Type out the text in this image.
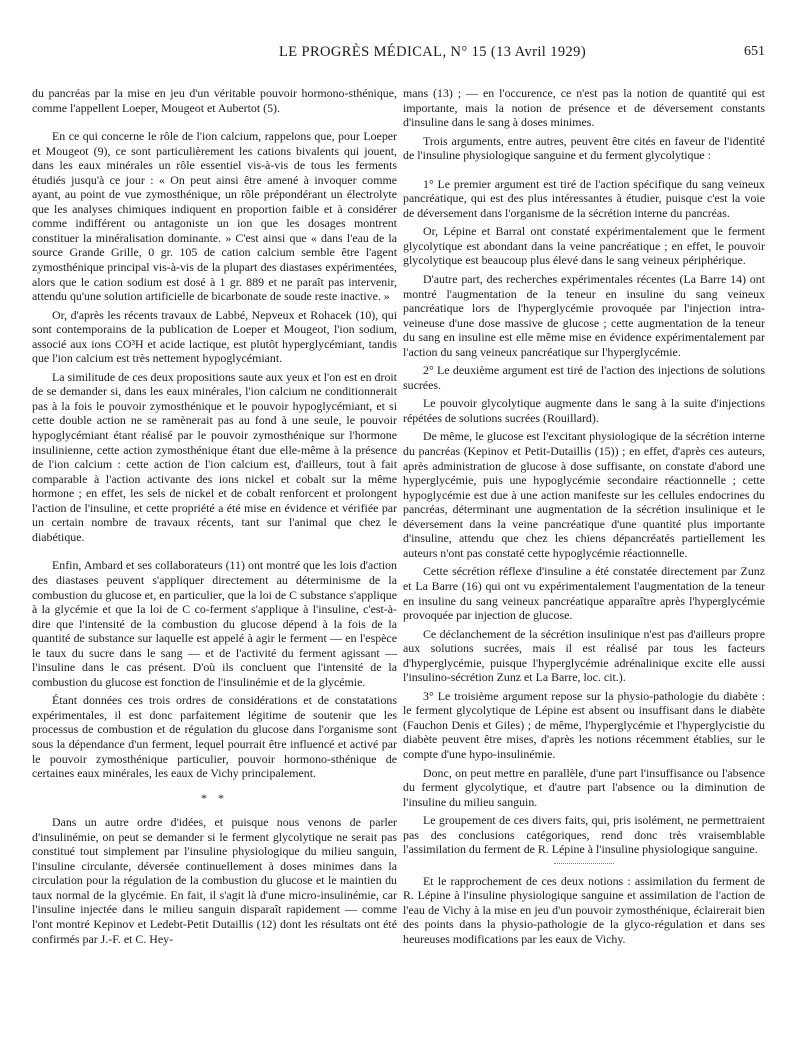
LE PROGRÈS MÉDICAL, N° 15 (13 Avril 1929)	651

du pancréas par la mise en jeu d'un véritable pouvoir hormono-sthénique, comme l'appellent Loeper, Mougeot et Aubertot (5).

En ce qui concerne le rôle de l'ion calcium, rappelons que, pour Loeper et Mougeot (9), ce sont particulièrement les cations bivalents qui jouent, dans les eaux minérales un rôle essentiel vis-à-vis de tous les ferments étudiés jusqu'à ce jour : « On peut ainsi être amené à invoquer comme ayant, au point de vue zymosthénique, un rôle prépondérant un électrolyte que les analyses chimiques indiquent en proportion faible et à considérer comme indifférent ou antagoniste un ion que les dosages montrent constituer la minéralisation dominante. » C'est ainsi que « dans l'eau de la source Grande Grille, 0 gr. 105 de cation calcium semble être l'agent zymosthénique principal vis-à-vis de la plupart des diastases expérimentées, alors que le cation sodium est dosé à 1 gr. 889 et ne paraît pas intervenir, attendu qu'une solution artificielle de bicarbonate de soude reste inactive. »

Or, d'après les récents travaux de Labbé, Nepveux et Rohacek (10), qui sont contemporains de la publication de Loeper et Mougeot, l'ion sodium, associé aux ions CO³H et acide lactique, est plutôt hyperglycémiant, tandis que l'ion calcium est très nettement hypoglycémiant.

La similitude de ces deux propositions saute aux yeux et l'on est en droit de se demander si, dans les eaux minérales, l'ion calcium ne conditionnerait pas à la fois le pouvoir zymosthénique et le pouvoir hypoglycémiant, et si cette double action ne se ramènerait pas au fond à une seule, le pouvoir hypoglycémiant étant réalisé par le pouvoir zymosthénique sur l'hormone insulinienne, cette action zymosthénique étant due elle-même à la présence de l'ion calcium : cette action de l'ion calcium est, d'ailleurs, tout à fait comparable à l'action activante des ions nickel et cobalt sur la même hormone ; en effet, les sels de nickel et de cobalt renforcent et prolongent l'action de l'insuline, et cette propriété a été mise en évidence et vérifiée par un certain nombre de travaux récents, tant sur l'animal que chez le diabétique.

Enfin, Ambard et ses collaborateurs (11) ont montré que les lois d'action des diastases peuvent s'appliquer directement au déterminisme de la combustion du glucose et, en particulier, que la loi de C substance s'applique à la glycémie et que la loi de C co-ferment s'applique à l'insuline, c'est-à-dire que l'intensité de la combustion du glucose dépend à la fois de la quantité de substance sur laquelle est appelé à agir le ferment — en l'espèce le taux du sucre dans le sang — et de l'activité du ferment agissant — l'insuline dans le cas présent. D'où ils concluent que l'intensité de la combustion du glucose est fonction de l'insulinémie et de la glycémie.

Étant données ces trois ordres de considérations et de constatations expérimentales, il est donc parfaitement légitime de soutenir que les processus de combustion et de régulation du glucose dans l'organisme sont sous la dépendance d'un ferment, lequel pourrait être influencé et activé par le pouvoir zymosthénique particulier, pouvoir hormono-sthénique de certaines eaux minérales, les eaux de Vichy principalement.

* *

Dans un autre ordre d'idées, et puisque nous venons de parler d'insulinémie, on peut se demander si le ferment glycolytique ne serait pas constitué tout simplement par l'insuline physiologique du milieu sanguin, l'insuline circulante, déversée continuellement à doses minimes dans la circulation pour la régulation de la combustion du glucose et le maintien du taux normal de la glycémie. En fait, il s'agit là d'une micro-insulinémie, car l'insuline injectée dans le milieu sanguin disparaît rapidement — comme l'ont montré Kepinov et Ledebt-Petit Dutaillis (12) dont les résultats ont été confirmés par J.-F. et C. Hey-

mans (13) ; — en l'occurence, ce n'est pas la notion de quantité qui est importante, mais la notion de présence et de déversement constants d'insuline dans le sang à doses minimes.

Trois arguments, entre autres, peuvent être cités en faveur de l'identité de l'insuline physiologique sanguine et du ferment glycolytique :

1° Le premier argument est tiré de l'action spécifique du sang veineux pancréatique, qui est des plus intéressantes à étudier, puisque c'est la voie de déversement dans l'organisme de la sécrétion interne du pancréas.

Or, Lépine et Barral ont constaté expérimentalement que le ferment glycolytique est abondant dans la veine pancréatique ; en effet, le pouvoir glycolytique est beaucoup plus élevé dans le sang veineux périphérique.

D'autre part, des recherches expérimentales récentes (La Barre 14) ont montré l'augmentation de la teneur en insuline du sang veineux pancréatique lors de l'hyperglycémie provoquée par l'injection intra-veineuse d'une dose massive de glucose ; cette augmentation de la teneur du sang en insuline est elle même mise en évidence expérimentalement par l'action du sang veineux pancréatique sur l'hyperglycémie.

2° Le deuxième argument est tiré de l'action des injections de solutions sucrées.

Le pouvoir glycolytique augmente dans le sang à la suite d'injections répétées de solutions sucrées (Rouillard).

De même, le glucose est l'excitant physiologique de la sécrétion interne du pancréas (Kepinov et Petit-Dutaillis (15)) ; en effet, d'après ces auteurs, après administration de glucose à dose suffisante, on constate d'abord une hyperglycémie, puis une hypoglycémie secondaire réactionnelle ; cette hypoglycémie est due à une action manifeste sur les cellules endocrines du pancréas, déterminant une augmentation de la sécrétion insulinique et le déversement dans la veine pancréatique d'une quantité plus importante d'insuline, attendu que chez les chiens dépancréatés partiellement les auteurs n'ont pas constaté cette hypoglycémie réactionnelle.

Cette sécrétion réflexe d'insuline a été constatée directement par Zunz et La Barre (16) qui ont vu expérimentalement l'augmentation de la teneur en insuline du sang veineux pancréatique apparaître après l'hyperglycémie provoquée par injection de glucose.

Ce déclanchement de la sécrétion insulinique n'est pas d'ailleurs propre aux solutions sucrées, mais il est réalisé par tous les facteurs d'hyperglycémie, puisque l'hyperglycémie adrénalinique excite elle aussi l'insulino-sécrétion Zunz et La Barre, loc. cit.).

3° Le troisième argument repose sur la physio-pathologie du diabète : le ferment glycolytique de Lépine est absent ou insuffisant dans le diabète (Fauchon Denis et Giles) ; de même, l'hyperglycémie et l'hyperglycistie du diabète peuvent être mises, d'après les notions récemment établies, sur le compte d'une hypo-insulinémie.

Donc, on peut mettre en parallèle, d'une part l'insuffisance ou l'absence du ferment glycolytique, et d'autre part l'absence ou la diminution de l'insuline du milieu sanguin.

Le groupement de ces divers faits, qui, pris isolément, ne permettraient pas des conclusions catégoriques, rend donc très vraisemblable l'assimilation du ferment de R. Lépine à l'insuline physiologique sanguine.

Et le rapprochement de ces deux notions : assimilation du ferment de R. Lépine à l'insuline physiologique sanguine et assimilation de l'action de l'eau de Vichy à la mise en jeu d'un pouvoir zymosthénique, éclairerait bien des points dans la physio-pathologie de la glyco-régulation et dans ses heureuses modifications par les eaux de Vichy.
